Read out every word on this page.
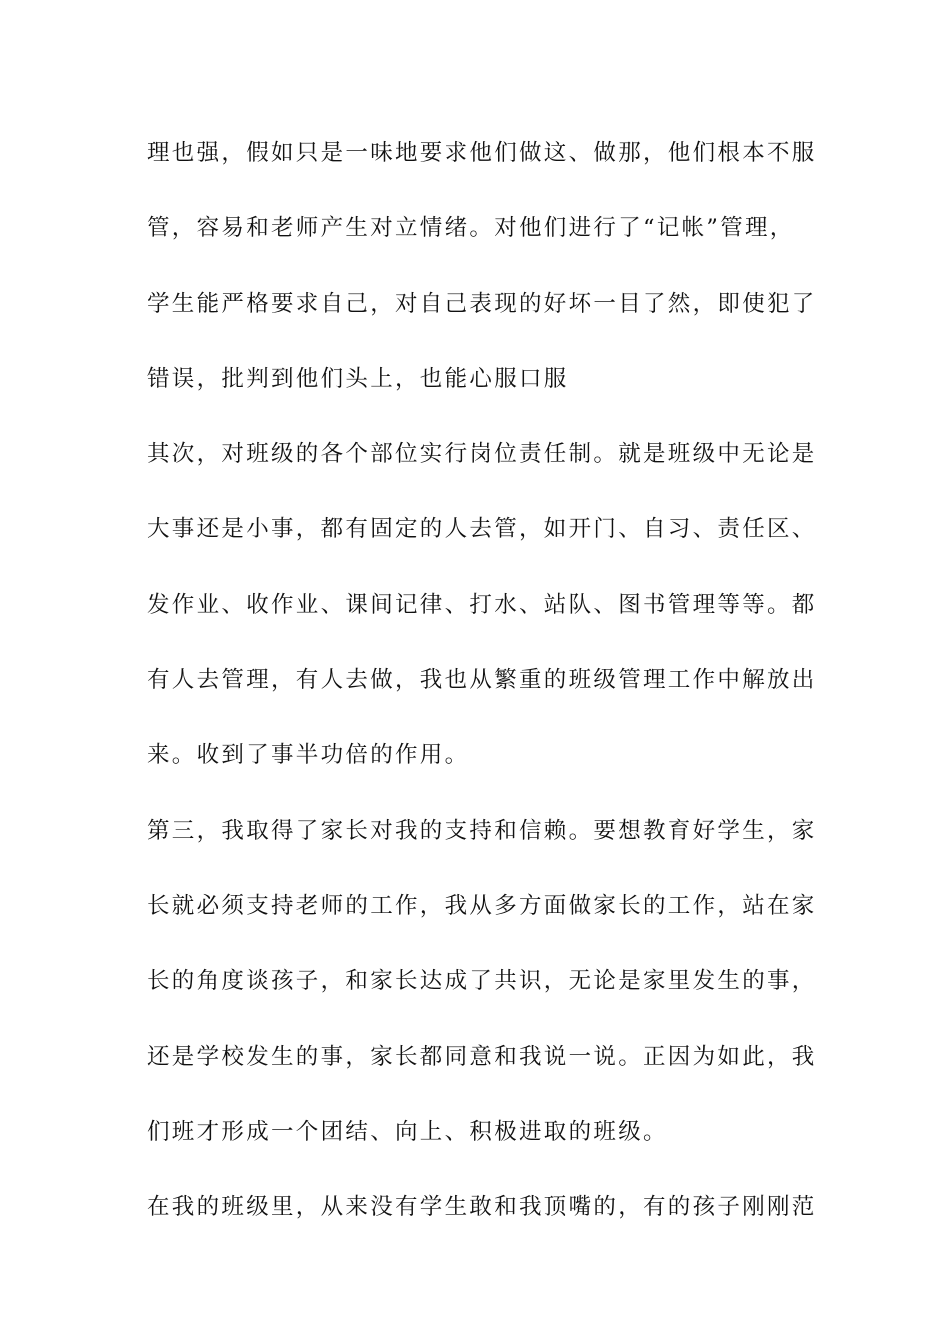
理也强，假如只是一味地要求他们做这、做那，他们根本不服
管，容易和老师产生对立情绪。对他们进行了“记帐”管理，
学生能严格要求自己，对自己表现的好坏一目了然，即使犯了
错误，批判到他们头上，也能心服口服
其次，对班级的各个部位实行岗位责任制。就是班级中无论是
大事还是小事，都有固定的人去管，如开门、自习、责任区、
发作业、收作业、课间记律、打水、站队、图书管理等等。都
有人去管理，有人去做，我也从繁重的班级管理工作中解放出
来。收到了事半功倍的作用。
第三，我取得了家长对我的支持和信赖。要想教育好学生，家
长就必须支持老师的工作，我从多方面做家长的工作，站在家
长的角度谈孩子，和家长达成了共识，无论是家里发生的事，
还是学校发生的事，家长都同意和我说一说。正因为如此，我
们班才形成一个团结、向上、积极进取的班级。
在我的班级里，从来没有学生敢和我顶嘴的，有的孩子刚刚范
